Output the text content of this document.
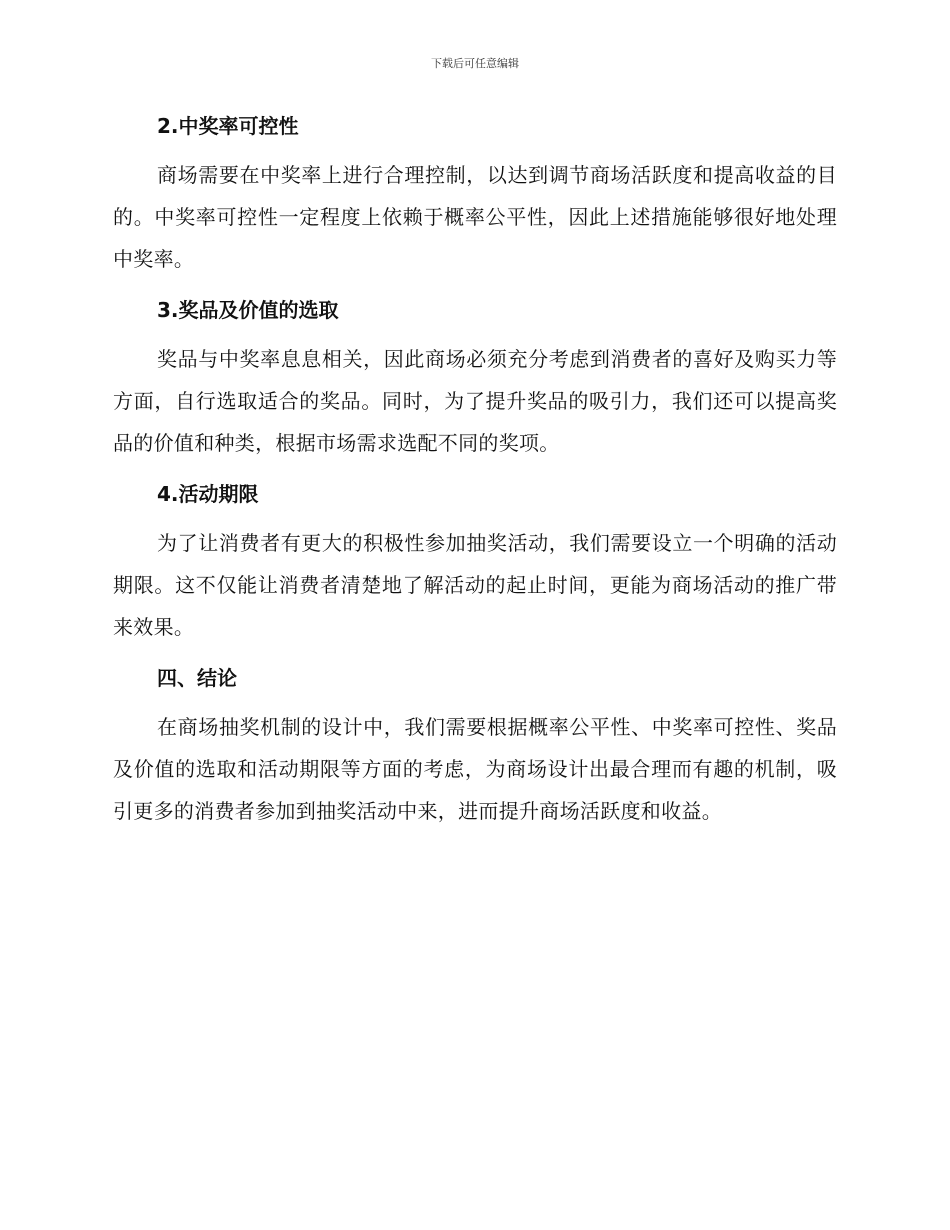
下载后可任意编辑
2.中奖率可控性

商场需要在中奖率上进行合理控制，以达到调节商场活跃度和提高收益的目的。中奖率可控性一定程度上依赖于概率公平性，因此上述措施能够很好地处理中奖率。

3.奖品及价值的选取

奖品与中奖率息息相关，因此商场必须充分考虑到消费者的喜好及购买力等方面，自行选取适合的奖品。同时，为了提升奖品的吸引力，我们还可以提高奖品的价值和种类，根据市场需求选配不同的奖项。

4.活动期限

为了让消费者有更大的积极性参加抽奖活动，我们需要设立一个明确的活动期限。这不仅能让消费者清楚地了解活动的起止时间，更能为商场活动的推广带来效果。

四、结论

在商场抽奖机制的设计中，我们需要根据概率公平性、中奖率可控性、奖品及价值的选取和活动期限等方面的考虑，为商场设计出最合理而有趣的机制，吸引更多的消费者参加到抽奖活动中来，进而提升商场活跃度和收益。
